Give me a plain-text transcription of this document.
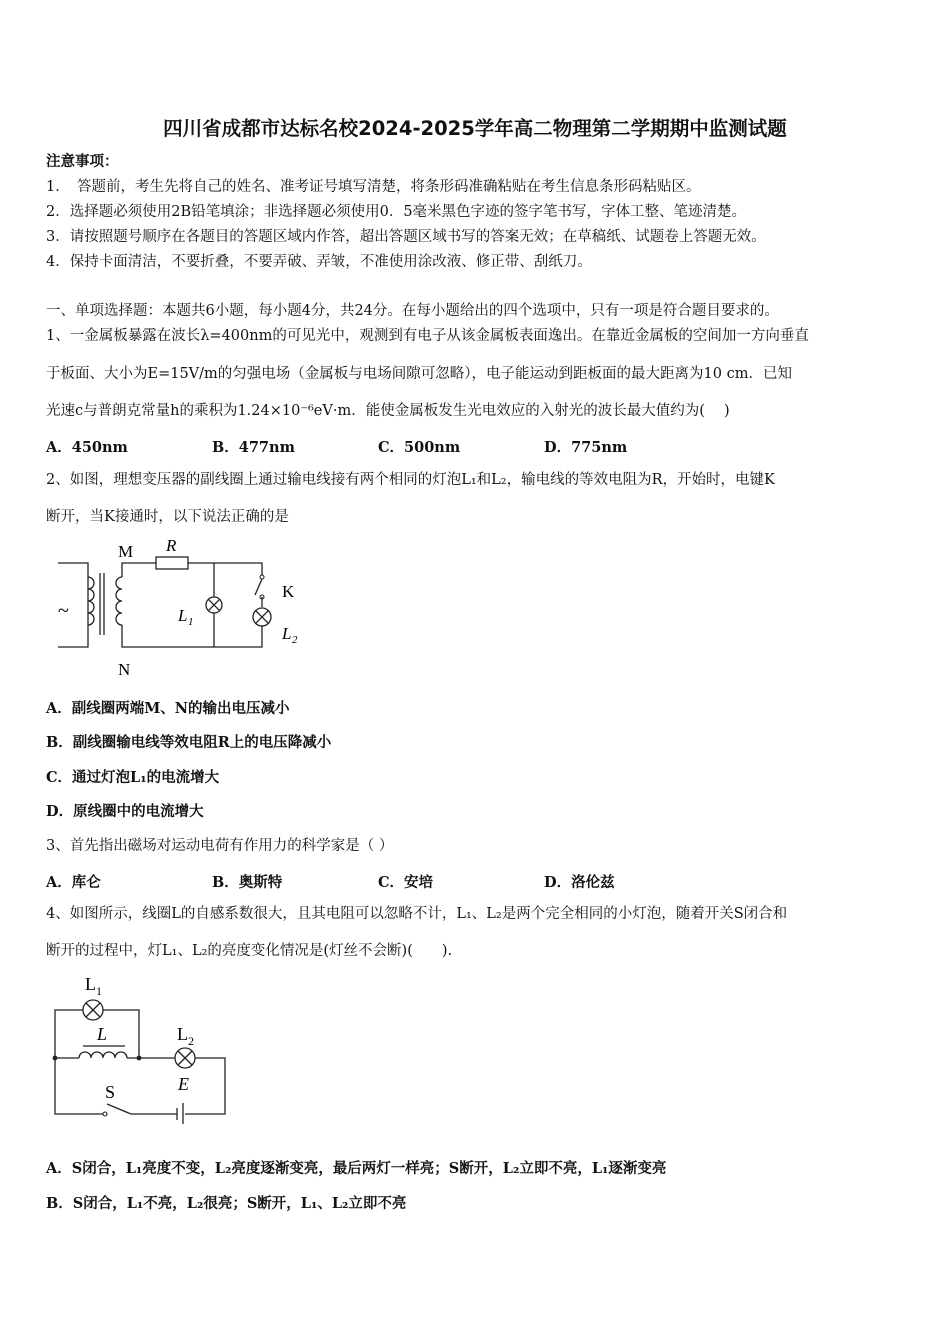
四川省成都市达标名校2024-2025学年高二物理第二学期期中监测试题
注意事项：
1．　答题前，考生先将自己的姓名、准考证号填写清楚，将条形码准确粘贴在考生信息条形码粘贴区。
2．选择题必须使用2B铅笔填涂；非选择题必须使用0．5毫米黑色字迹的签字笔书写，字体工整、笔迹清楚。
3．请按照题号顺序在各题目的答题区域内作答，超出答题区域书写的答案无效；在草稿纸、试题卷上答题无效。
4．保持卡面清洁，不要折叠，不要弄破、弄皱，不准使用涂改液、修正带、刮纸刀。
一、单项选择题：本题共6小题，每小题4分，共24分。在每小题给出的四个选项中，只有一项是符合题目要求的。
1、一金属板暴露在波长λ=400nm的可见光中，观测到有电子从该金属板表面逸出。在靠近金属板的空间加一方向垂直
于板面、大小为E=15V/m的匀强电场（金属板与电场间隙可忽略），电子能运动到距板面的最大距离为10 cm．已知
光速c与普朗克常量h的乘积为1.24×10⁻⁶eV·m．能使金属板发生光电效应的入射光的波长最大值约为(　 )
A．450nm	B．477nm	C．500nm	D．775nm
2、如图，理想变压器的副线圈上通过输电线接有两个相同的灯泡L₁和L₂，输电线的等效电阻为R，开始时，电键K
断开，当K接通时，以下说法正确的是
~
M
N
R
K
L 1
L 2
A．副线圈两端M、N的输出电压减小
B．副线圈输电线等效电阻R上的电压降减小
C．通过灯泡L₁的电流增大
D．原线圈中的电流增大
3、首先指出磁场对运动电荷有作用力的科学家是（ ）
A．库仑	B．奥斯特	C．安培	D．洛伦兹
4、如图所示，线圈L的自感系数很大，且其电阻可以忽略不计，L₁、L₂是两个完全相同的小灯泡，随着开关S闭合和
断开的过程中，灯L₁、L₂的亮度变化情况是(灯丝不会断)(　　).
L 1
L	L 2
E
S
A．S闭合，L₁亮度不变，L₂亮度逐渐变亮，最后两灯一样亮；S断开，L₂立即不亮，L₁逐渐变亮
B．S闭合，L₁不亮，L₂很亮；S断开，L₁、L₂立即不亮
